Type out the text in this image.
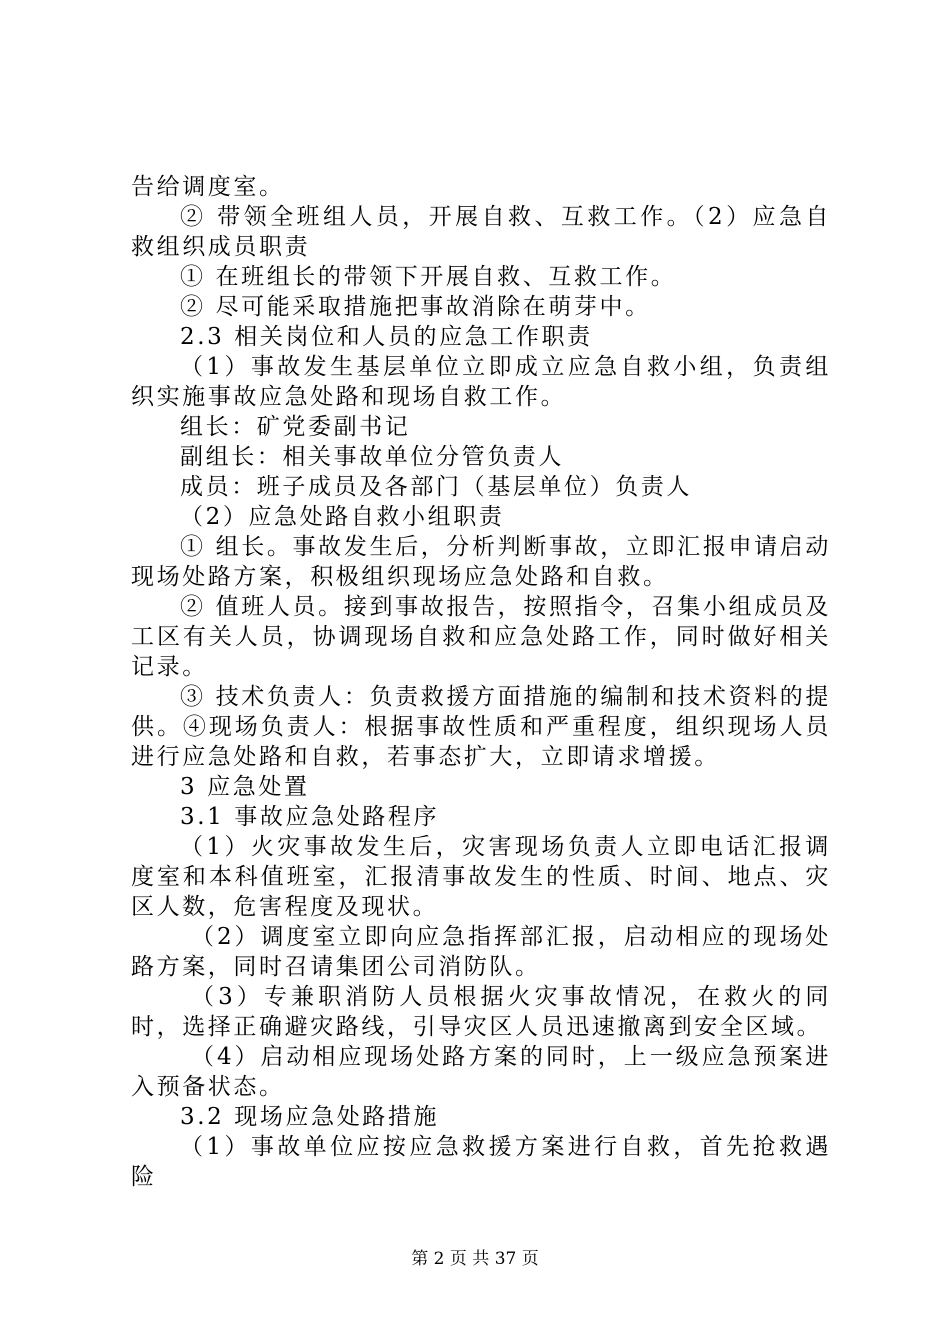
告给调度室。

② 带领全班组人员，开展自救、互救工作。（2）应急自救组织成员职责

① 在班组长的带领下开展自救、互救工作。

② 尽可能采取措施把事故消除在萌芽中。

2.3 相关岗位和人员的应急工作职责

（1）事故发生基层单位立即成立应急自救小组，负责组织实施事故应急处路和现场自救工作。

组长：矿党委副书记

副组长：相关事故单位分管负责人

成员：班子成员及各部门（基层单位）负责人

（2）应急处路自救小组职责

① 组长。事故发生后，分析判断事故，立即汇报申请启动现场处路方案，积极组织现场应急处路和自救。

② 值班人员。接到事故报告，按照指令，召集小组成员及工区有关人员，协调现场自救和应急处路工作，同时做好相关记录。

③ 技术负责人：负责救援方面措施的编制和技术资料的提供。④现场负责人：根据事故性质和严重程度，组织现场人员进行应急处路和自救，若事态扩大，立即请求增援。

3 应急处置

3.1 事故应急处路程序

（1）火灾事故发生后，灾害现场负责人立即电话汇报调度室和本科值班室，汇报清事故发生的性质、时间、地点、灾区人数，危害程度及现状。

（2）调度室立即向应急指挥部汇报，启动相应的现场处路方案，同时召请集团公司消防队。

（3）专兼职消防人员根据火灾事故情况，在救火的同时，选择正确避灾路线，引导灾区人员迅速撤离到安全区域。

（4）启动相应现场处路方案的同时，上一级应急预案进入预备状态。

3.2 现场应急处路措施

（1）事故单位应按应急救援方案进行自救，首先抢救遇险

第 2 页 共 37 页
